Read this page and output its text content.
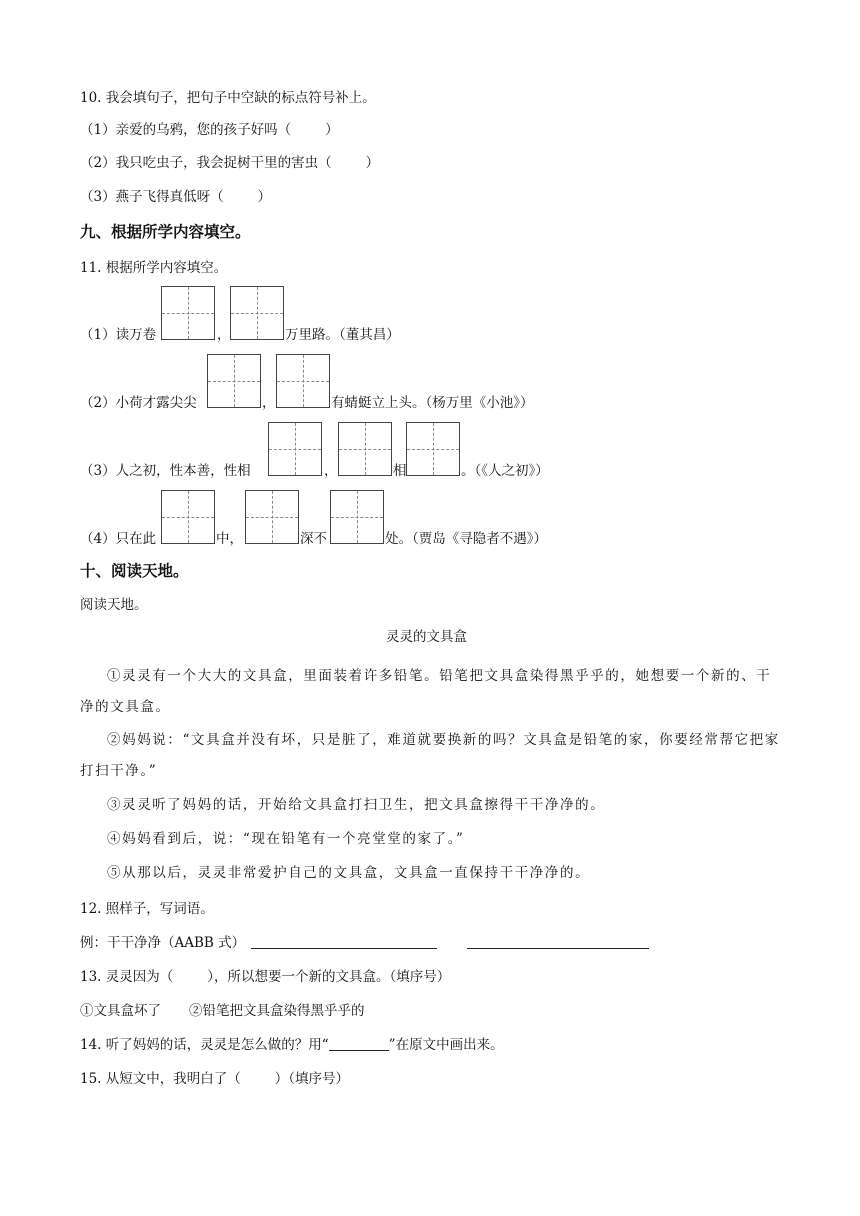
10. 我会填句子，把句子中空缺的标点符号补上。
（1）亲爱的乌鸦，您的孩子好吗（	）
（2）我只吃虫子，我会捉树干里的害虫（	）
（3）燕子飞得真低呀（	）
九、根据所学内容填空。
11. 根据所学内容填空。
（1）读万卷	，	万里路。（董其昌）
（2）小荷才露尖尖	，	有蜻蜓立上头。（杨万里《小池》）
（3）人之初，性本善，性相	，	相	。（《人之初》）
（4）只在此	中，	深不	处。（贾岛《寻隐者不遇》）
十、阅读天地。
阅读天地。
灵灵的文具盒
①灵灵有一个大大的文具盒，里面装着许多铅笔。铅笔把文具盒染得黑乎乎的，她想要一个新的、干净的文具盒。
②妈妈说：“文具盒并没有坏，只是脏了，难道就要换新的吗？文具盒是铅笔的家，你要经常帮它把家打扫干净。”
③灵灵听了妈妈的话，开始给文具盒打扫卫生，把文具盒擦得干干净净的。
④妈妈看到后，说：“现在铅笔有一个亮堂堂的家了。”
⑤从那以后，灵灵非常爱护自己的文具盒，文具盒一直保持干干净净的。
12. 照样子，写词语。
例：干干净净（AABB 式）
13. 灵灵因为（	），所以想要一个新的文具盒。（填序号）
①文具盒坏了 ②铅笔把文具盒染得黑乎乎的
14. 听了妈妈的话，灵灵是怎么做的？用“	”在原文中画出来。
15. 从短文中，我明白了（	）（填序号）
